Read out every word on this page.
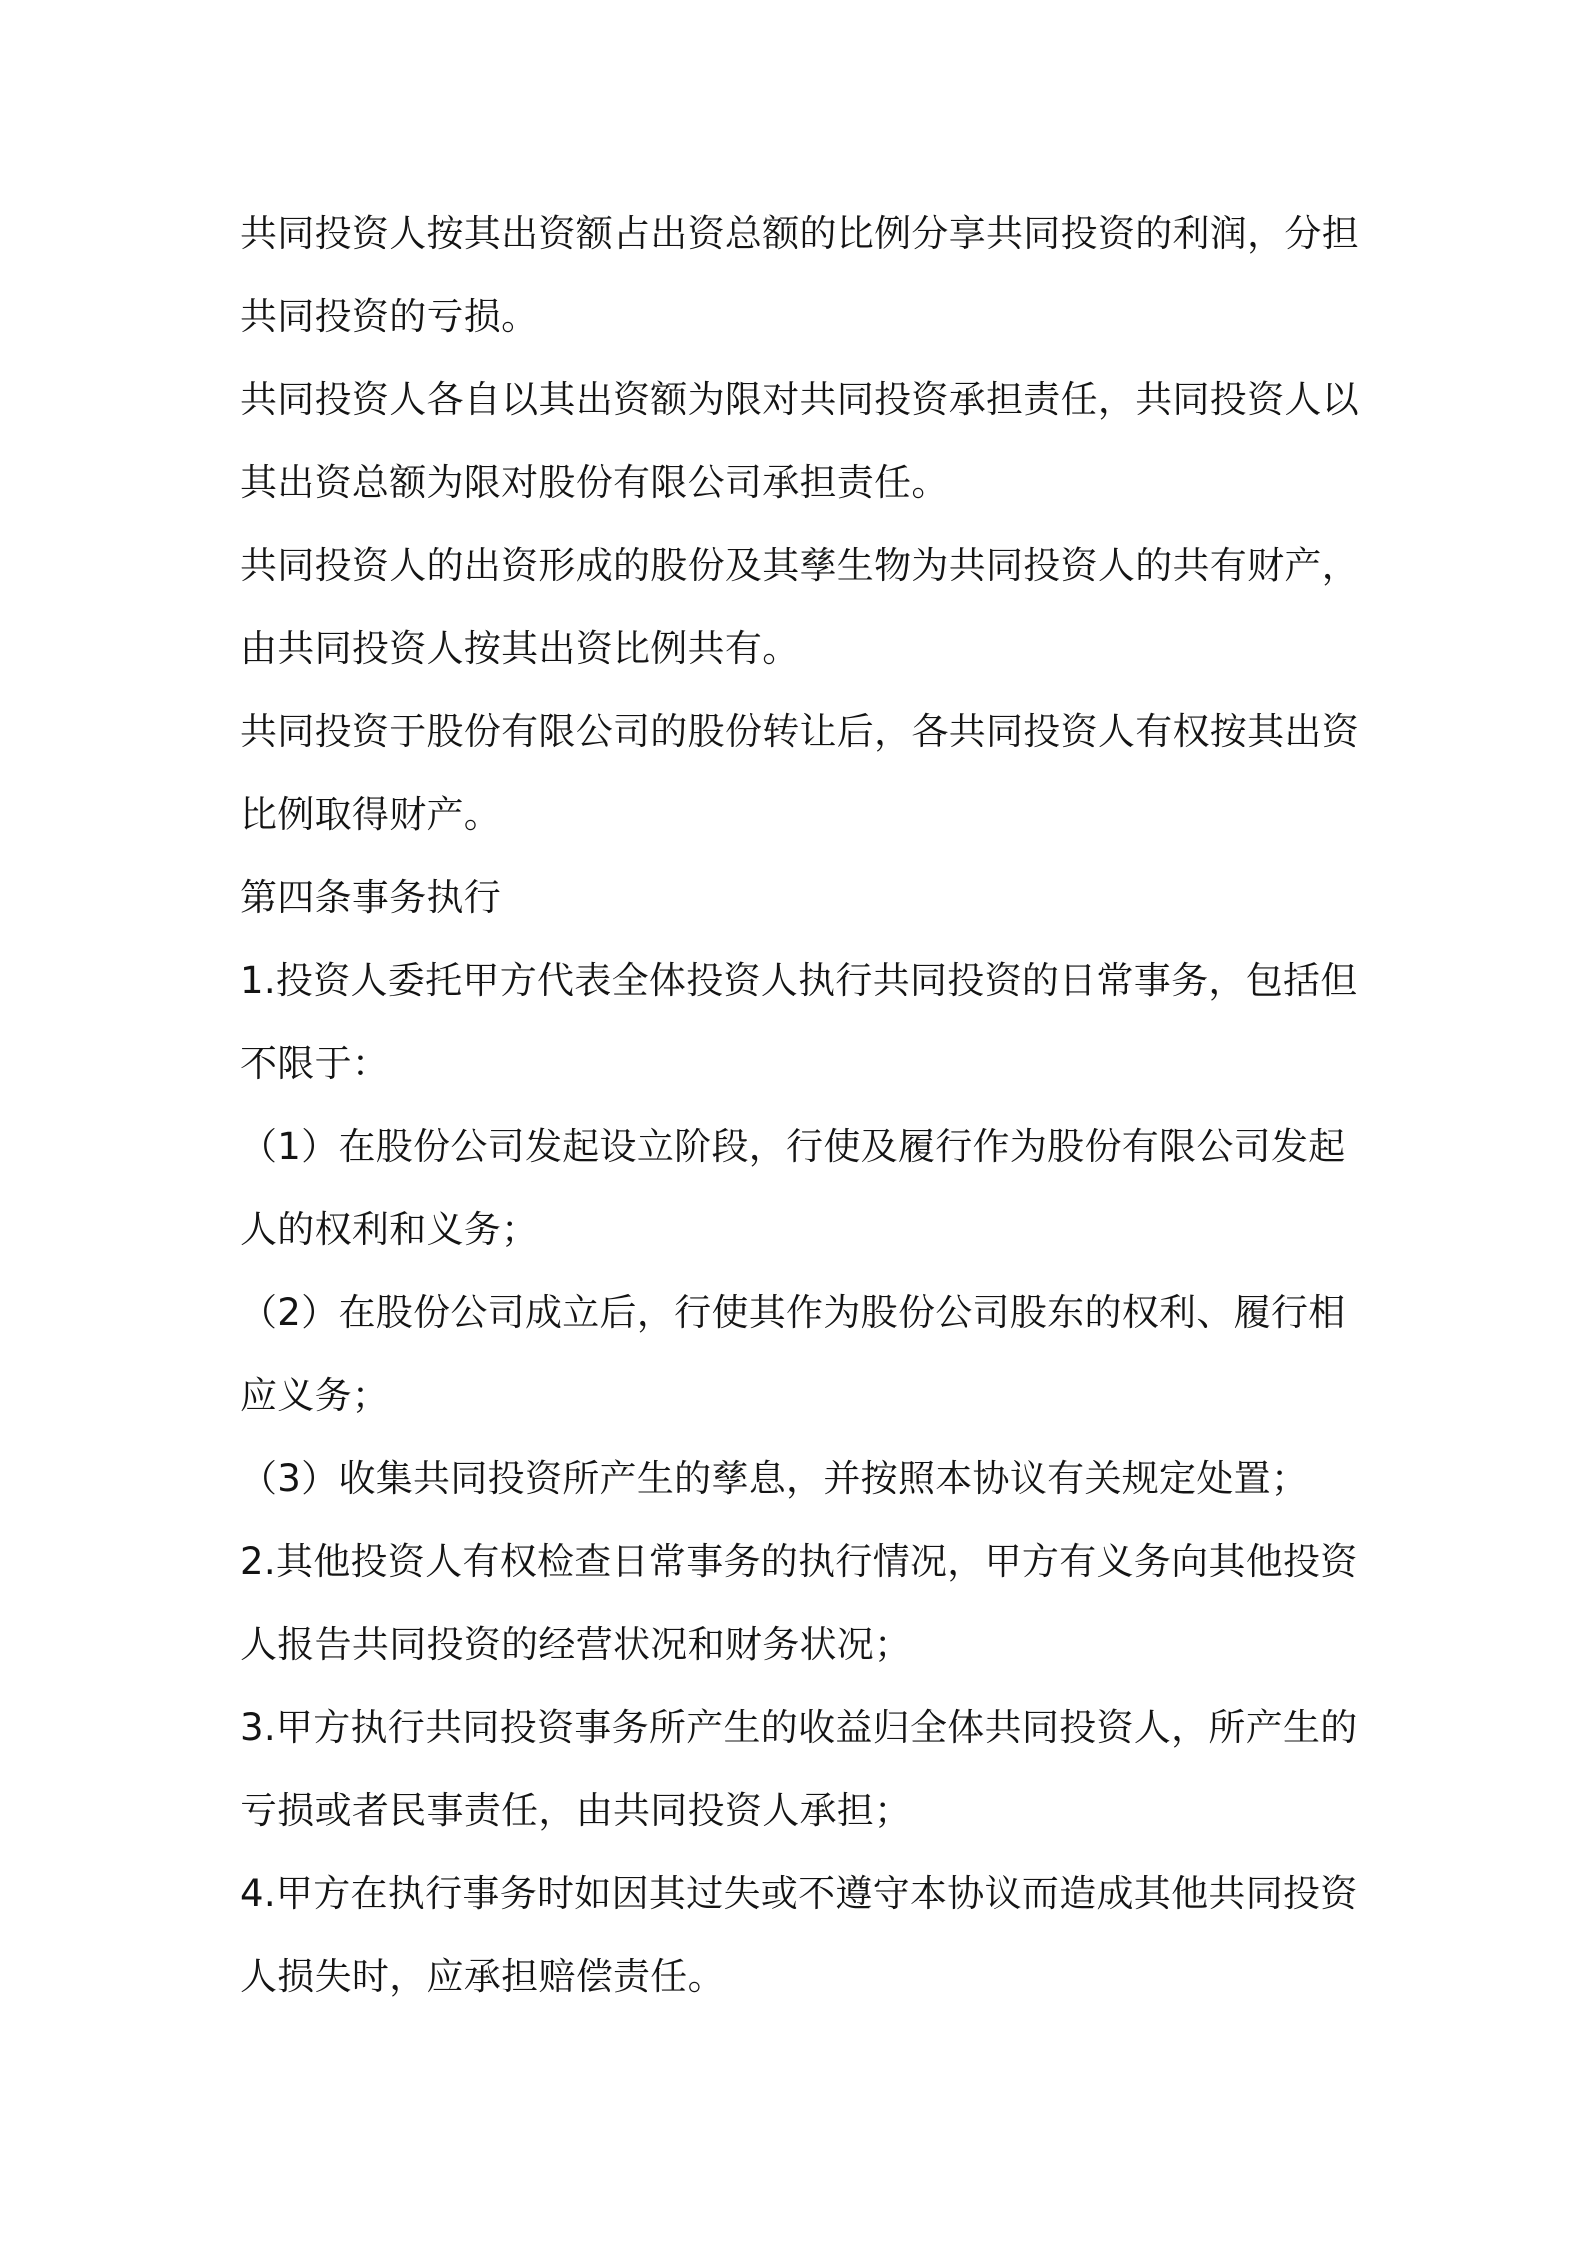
共同投资人按其出资额占出资总额的比例分享共同投资的利润，分担共同投资的亏损。

共同投资人各自以其出资额为限对共同投资承担责任，共同投资人以其出资总额为限对股份有限公司承担责任。

共同投资人的出资形成的股份及其孳生物为共同投资人的共有财产，由共同投资人按其出资比例共有。

共同投资于股份有限公司的股份转让后，各共同投资人有权按其出资比例取得财产。

第四条事务执行

1.投资人委托甲方代表全体投资人执行共同投资的日常事务，包括但不限于：

（1）在股份公司发起设立阶段，行使及履行作为股份有限公司发起人的权利和义务；

（2）在股份公司成立后，行使其作为股份公司股东的权利、履行相应义务；

（3）收集共同投资所产生的孳息，并按照本协议有关规定处置；

2.其他投资人有权检查日常事务的执行情况，甲方有义务向其他投资人报告共同投资的经营状况和财务状况；

3.甲方执行共同投资事务所产生的收益归全体共同投资人，所产生的亏损或者民事责任，由共同投资人承担；

4.甲方在执行事务时如因其过失或不遵守本协议而造成其他共同投资人损失时，应承担赔偿责任。
